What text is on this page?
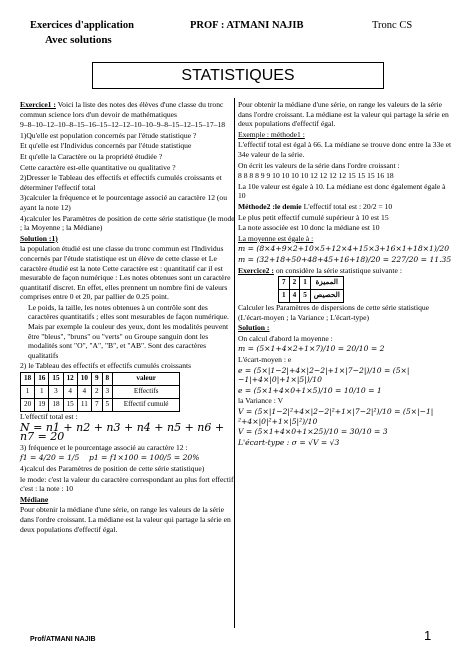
Exercices d'application	PROF : ATMANI NAJIB	Tronc CS
Avec solutions
STATISTIQUES

Exercice1 : Voici la liste des notes des élèves d'une classe du tronc commun science lors d'un devoir de mathématiques

9–8–10–12–10–8–15–16–15–12–12–10–10–9–8–15–12–15–17–18

1)Qu'elle est population concernés par l'étude statistique ?

Et qu'elle est l'Individus concernés par l'étude statistique

Et qu'elle la Caractère ou la propriété étudiée ?

Cette caractère est-elle quantitative ou qualitative ?

2)Dresser le Tableau des effectifs et effectifs cumulés croissants et déterminer l'effectif total

3)calculer la fréquence et le pourcentage associé au caractère 12 (ou ayant la note 12)

4)calculer les Paramètres de position de cette série statistique (le mode ; la Moyenne ; la Médiane)

Solution :1)

la population étudié est une classe du tronc commun est l'Individus concernés par l'étude statistique est un élève de cette classe et Le caractère étudié est la note Cette caractère est : quantitatif car il est mesurable de façon numérique : Les notes obtenues sont un caractère quantitatif discret. En effet, elles prennent un nombre fini de valeurs comprises entre 0 et 20, par pallier de 0.25 point.

Le poids, la taille, les notes obtenues à un contrôle sont des caractères quantitatifs ; elles sont mesurables de façon numérique. Mais par exemple la couleur des yeux, dont les modalités peuvent être "bleus", "bruns" ou "verts" ou Groupe sanguin dont les modalités sont "O", "A", "B", et "AB". Sont des caractères qualitatifs

2) le Tableau des effectifs et effectifs cumulés croissants

18	16	15	12	10	9	8	valeur
1	1	3	4	4	2	3	Effectifs
20	19	18	15	11	7	5	Effectif cumulé

L'effectif total est :

N = n1 + n2 + n3 + n4 + n5 + n6 + n7 = 20

3) fréquence et le pourcentage associé au caractère 12 :

f1 = 4/20 = 1/5 p1 = f1×100 = 100/5 = 20%

4)calcul des Paramètres de position de cette série statistique)

le mode: c'est la valeur du caractère correspondant au plus fort effectif c'est : la note : 10

Médiane

Pour obtenir la médiane d'une série, on range les valeurs de la série dans l'ordre croissant. La médiane est la valeur qui partage la série en deux populations d'effectif égal.

Pour obtenir la médiane d'une série, on range les valeurs de la série dans l'ordre croissant. La médiane est la valeur qui partage la série en deux populations d'effectif égal.

Exemple : méthode1 :

L'effectif total est égal à 66. La médiane se trouve donc entre la 33e et 34e valeur de la série.

On écrit les valeurs de la série dans l'ordre croissant :

8 8 8 8 9 9 10 10 10 10 12 12 12 12 15 15 15 16 18

La 10e valeur est égale à 10. La médiane est donc également égale à 10

Méthode2 :le demie L'effectif total est : 20/2 = 10

Le plus petit effectif cumulé supérieur à 10 est 15

La note associée est 10 donc la médiane est 10

La moyenne est égale à :

m = (8×4+9×2+10×5+12×4+15×3+16×1+18×1)/20

m = (32+18+50+48+45+16+18)/20 = 227/20 = 11.35

Exercice2 : on considère la série statistique suivante :

7	2	1	المميزة
1	4	5	الحصيص

Calculer les Paramètres de dispersions de cette série statistique (L'écart-moyen ; la Variance ; L'écart-type)

Solution :

On calcul d'abord la moyenne :

m = (5×1+4×2+1×7)/10 = 20/10 = 2

L'écart-moyen : e

e = (5×|1−2|+4×|2−2|+1×|7−2|)/10 = (5×|−1|+4×|0|+1×|5|)/10

e = (5×1+4×0+1×5)/10 = 10/10 = 1

la Variance : V

V = (5×|1−2|²+4×|2−2|²+1×|7−2|²)/10 = (5×|−1|²+4×|0|²+1×|5|²)/10

V = (5×1+4×0+1×25)/10 = 30/10 = 3

L'écart-type : σ = √V = √3

Prof/ATMANI NAJIB	1
